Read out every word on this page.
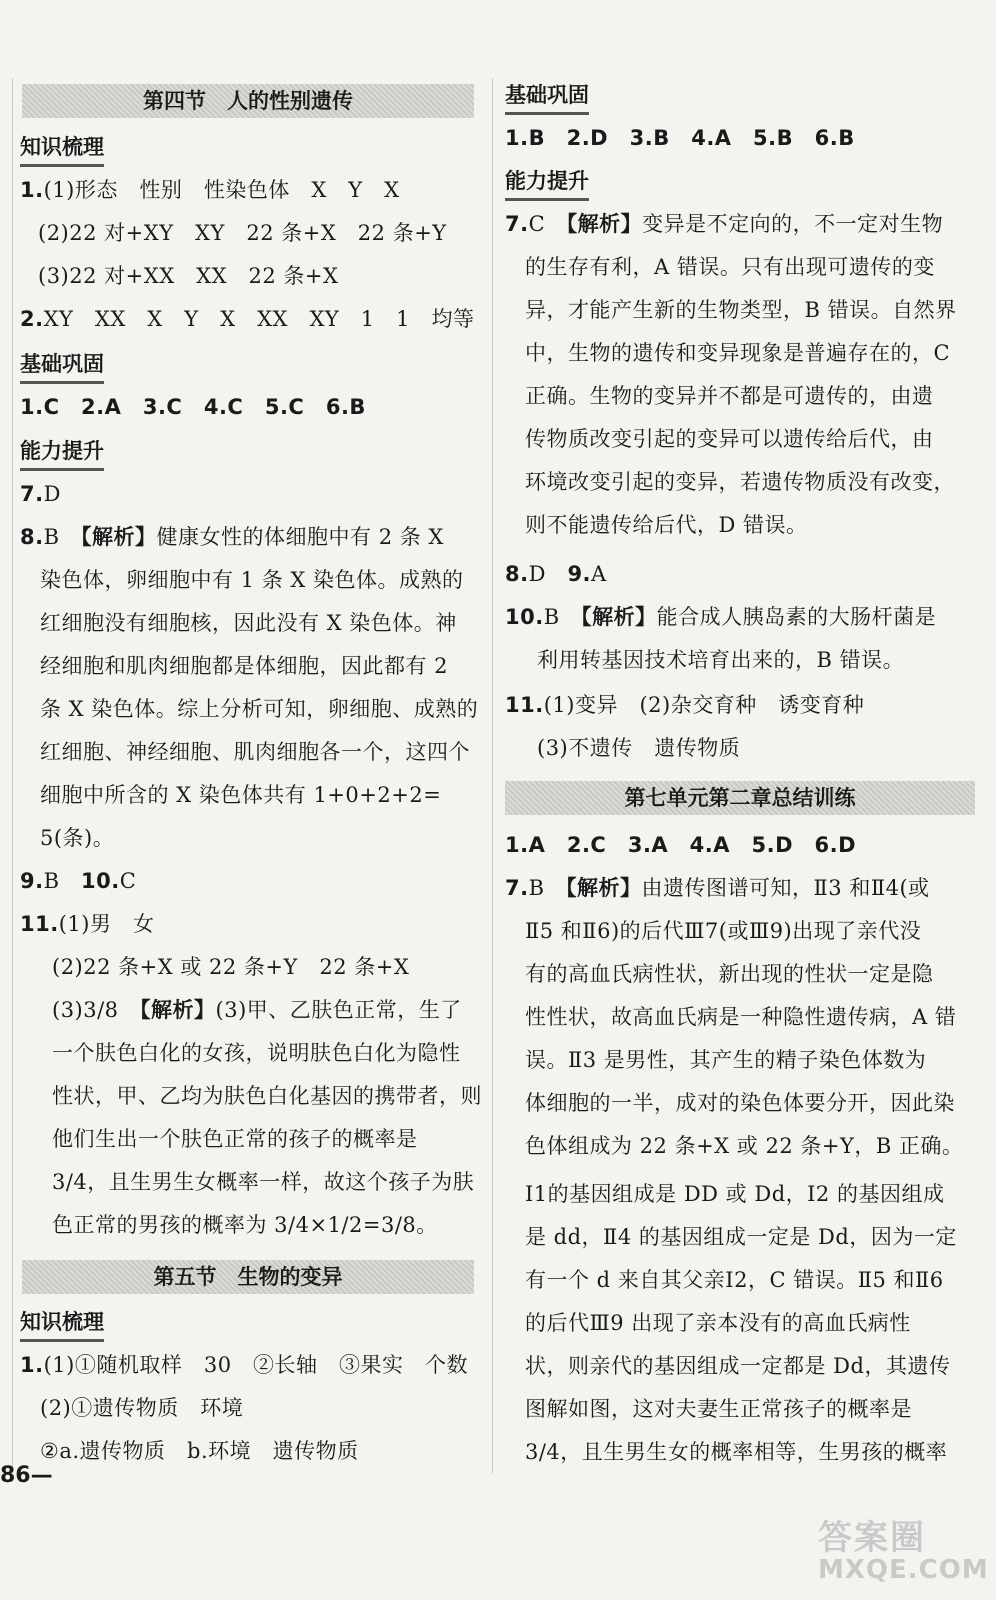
第四节　人的性别遗传
知识梳理
1.(1)形态　性别　性染色体　X　Y　X
(2)22 对+XY　XY　22 条+X　22 条+Y
(3)22 对+XX　XX　22 条+X
2.XY　XX　X　Y　X　XX　XY　1　1　均等
基础巩固
1.C　2.A　3.C　4.C　5.C　6.B
能力提升
7.D
8.B　【解析】健康女性的体细胞中有 2 条 X
染色体，卵细胞中有 1 条 X 染色体。成熟的
红细胞没有细胞核，因此没有 X 染色体。神
经细胞和肌肉细胞都是体细胞，因此都有 2
条 X 染色体。综上分析可知，卵细胞、成熟的
红细胞、神经细胞、肌肉细胞各一个，这四个
细胞中所含的 X 染色体共有 1+0+2+2=
5(条)。
9.B　10.C
11.(1)男　女
(2)22 条+X 或 22 条+Y　22 条+X
(3)3/8　【解析】(3)甲、乙肤色正常，生了
一个肤色白化的女孩，说明肤色白化为隐性
性状，甲、乙均为肤色白化基因的携带者，则
他们生出一个肤色正常的孩子的概率是
3/4，且生男生女概率一样，故这个孩子为肤
色正常的男孩的概率为 3/4×1/2=3/8。
第五节　生物的变异
知识梳理
1.(1)①随机取样　30　②长轴　③果实　个数
(2)①遗传物质　环境
②a.遗传物质　b.环境　遗传物质
基础巩固
1.B　2.D　3.B　4.A　5.B　6.B
能力提升
7.C　【解析】变异是不定向的，不一定对生物
的生存有利，A 错误。只有出现可遗传的变
异，才能产生新的生物类型，B 错误。自然界
中，生物的遗传和变异现象是普遍存在的，C
正确。生物的变异并不都是可遗传的，由遗
传物质改变引起的变异可以遗传给后代，由
环境改变引起的变异，若遗传物质没有改变，
则不能遗传给后代，D 错误。
8.D　9.A
10.B　【解析】能合成人胰岛素的大肠杆菌是
利用转基因技术培育出来的，B 错误。
11.(1)变异　(2)杂交育种　诱变育种
(3)不遗传　遗传物质
第七单元第二章总结训练
1.A　2.C　3.A　4.A　5.D　6.D
7.B　【解析】由遗传图谱可知，Ⅱ3 和Ⅱ4(或
Ⅱ5 和Ⅱ6)的后代Ⅲ7(或Ⅲ9)出现了亲代没
有的高血氏病性状，新出现的性状一定是隐
性性状，故高血氏病是一种隐性遗传病，A 错
误。Ⅱ3 是男性，其产生的精子染色体数为
体细胞的一半，成对的染色体要分开，因此染
色体组成为 22 条+X 或 22 条+Y，B 正确。
Ⅰ1的基因组成是 DD 或 Dd，Ⅰ2 的基因组成
是 dd，Ⅱ4 的基因组成一定是 Dd，因为一定
有一个 d 来自其父亲Ⅰ2，C 错误。Ⅱ5 和Ⅱ6
的后代Ⅲ9 出现了亲本没有的高血氏病性
状，则亲代的基因组成一定都是 Dd，其遗传
图解如图，这对夫妻生正常孩子的概率是
3/4，且生男生女的概率相等，生男孩的概率
86—
答案圈
MXQE.COM
